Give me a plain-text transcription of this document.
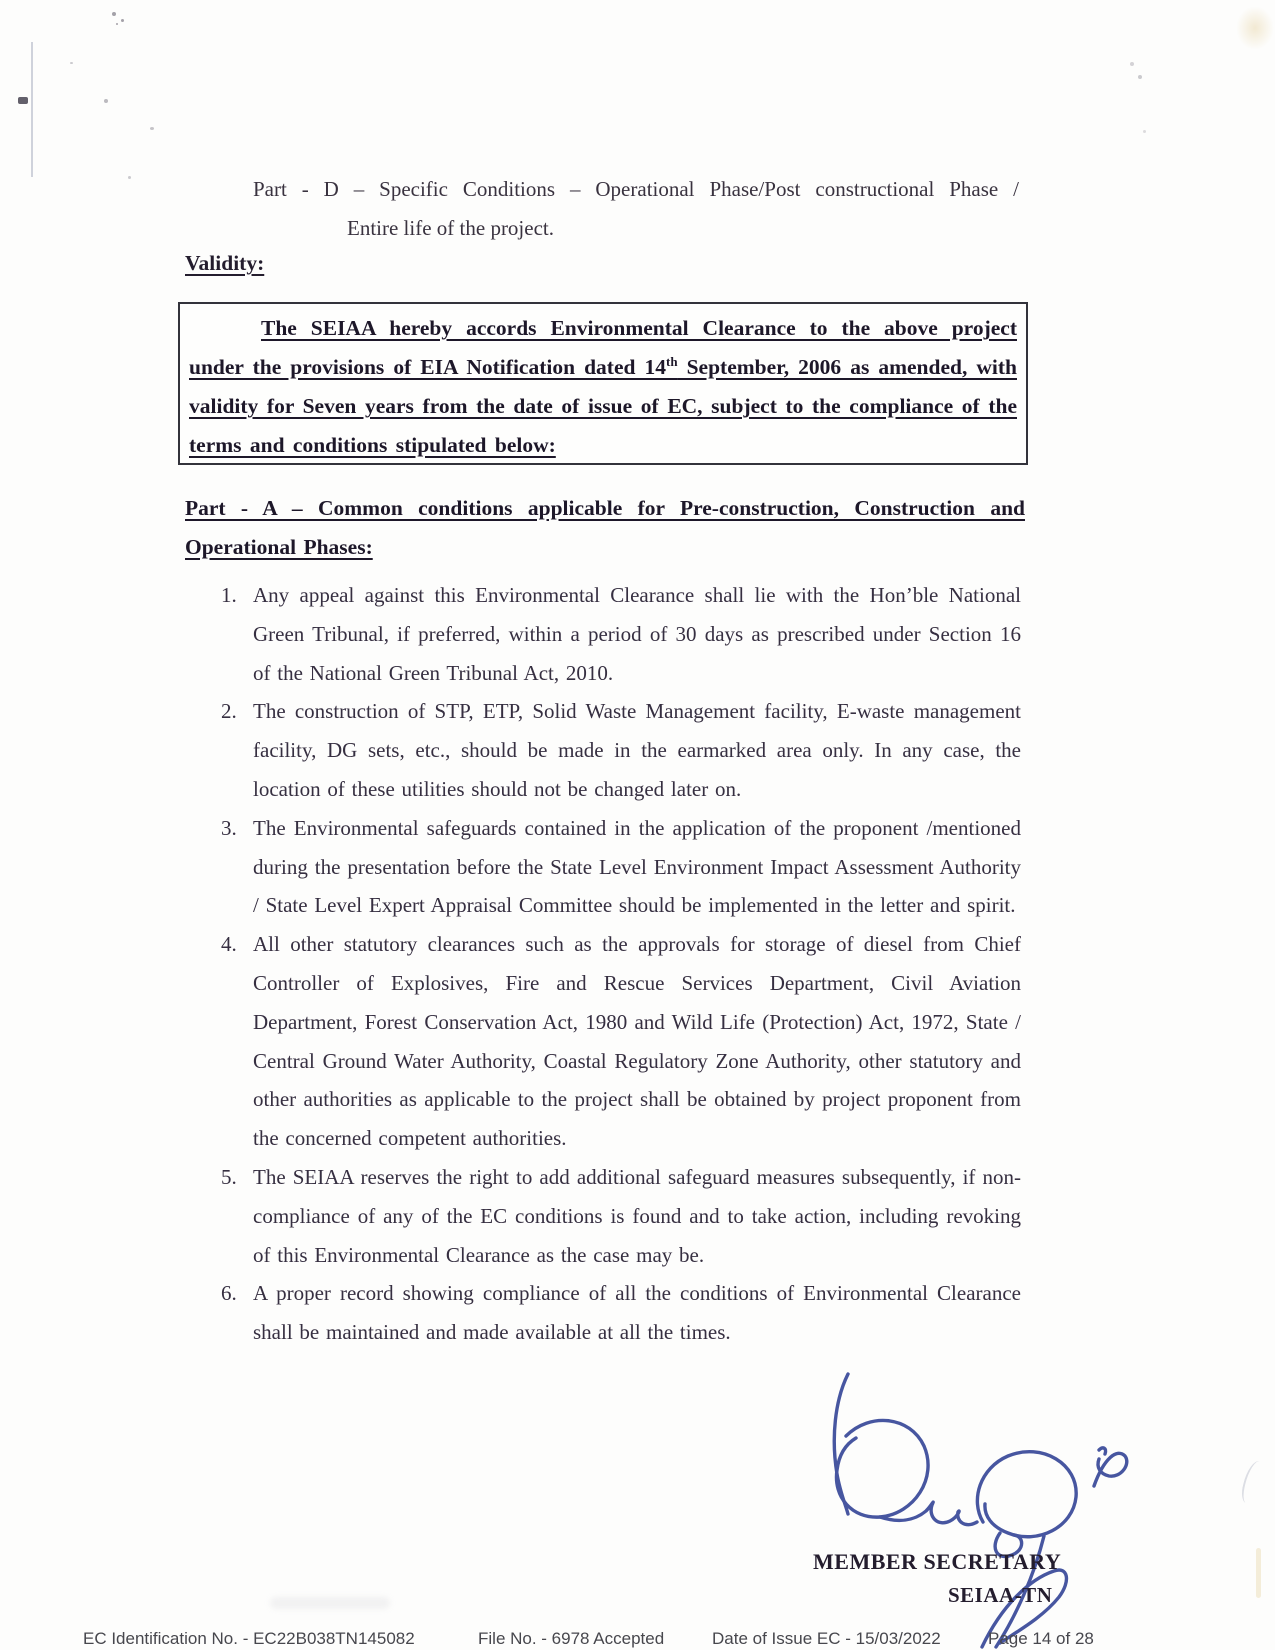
Part - D – Specific Conditions – Operational Phase/Post constructional Phase /
Entire life of the project.
Validity:
The SEIAA hereby accords Environmental Clearance to the above project under the provisions of EIA Notification dated 14th September, 2006 as amended, with validity for Seven years from the date of issue of EC, subject to the compliance of the terms and conditions stipulated below:
Part - A – Common conditions applicable for Pre-construction, Construction and Operational Phases:
1. Any appeal against this Environmental Clearance shall lie with the Hon’ble National Green Tribunal, if preferred, within a period of 30 days as prescribed under Section 16 of the National Green Tribunal Act, 2010.
2. The construction of STP, ETP, Solid Waste Management facility, E-waste management facility, DG sets, etc., should be made in the earmarked area only. In any case, the location of these utilities should not be changed later on.
3. The Environmental safeguards contained in the application of the proponent /mentioned during the presentation before the State Level Environment Impact Assessment Authority / State Level Expert Appraisal Committee should be implemented in the letter and spirit.
4. All other statutory clearances such as the approvals for storage of diesel from Chief Controller of Explosives, Fire and Rescue Services Department, Civil Aviation Department, Forest Conservation Act, 1980 and Wild Life (Protection) Act, 1972, State / Central Ground Water Authority, Coastal Regulatory Zone Authority, other statutory and other authorities as applicable to the project shall be obtained by project proponent from the concerned competent authorities.
5. The SEIAA reserves the right to add additional safeguard measures subsequently, if non-compliance of any of the EC conditions is found and to take action, including revoking of this Environmental Clearance as the case may be.
6. A proper record showing compliance of all the conditions of Environmental Clearance shall be maintained and made available at all the times.
MEMBER SECRETARY
SEIAA-TN
EC Identification No. - EC22B038TN145082	File No. - 6978 Accepted	Date of Issue EC - 15/03/2022	Page 14 of 28
